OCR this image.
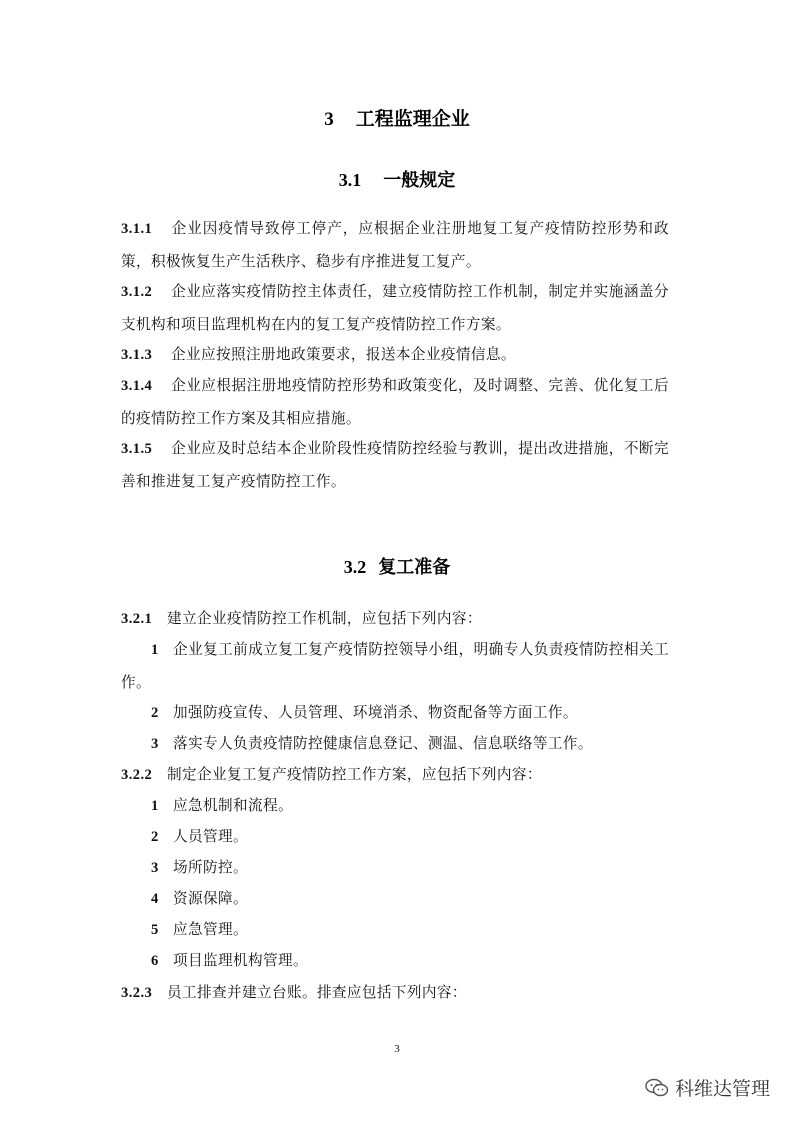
3 工程监理企业
3.1 一般规定
3.1.1 企业因疫情导致停工停产，应根据企业注册地复工复产疫情防控形势和政策，积极恢复生产生活秩序、稳步有序推进复工复产。
3.1.2 企业应落实疫情防控主体责任，建立疫情防控工作机制，制定并实施涵盖分支机构和项目监理机构在内的复工复产疫情防控工作方案。
3.1.3 企业应按照注册地政策要求，报送本企业疫情信息。
3.1.4 企业应根据注册地疫情防控形势和政策变化，及时调整、完善、优化复工后的疫情防控工作方案及其相应措施。
3.1.5 企业应及时总结本企业阶段性疫情防控经验与教训，提出改进措施，不断完善和推进复工复产疫情防控工作。
3.2 复工准备
3.2.1 建立企业疫情防控工作机制，应包括下列内容：
1 企业复工前成立复工复产疫情防控领导小组，明确专人负责疫情防控相关工作。
2 加强防疫宣传、人员管理、环境消杀、物资配备等方面工作。
3 落实专人负责疫情防控健康信息登记、测温、信息联络等工作。
3.2.2 制定企业复工复产疫情防控工作方案，应包括下列内容：
1 应急机制和流程。
2 人员管理。
3 场所防控。
4 资源保障。
5 应急管理。
6 项目监理机构管理。
3.2.3 员工排查并建立台账。排查应包括下列内容：
3
科维达管理
